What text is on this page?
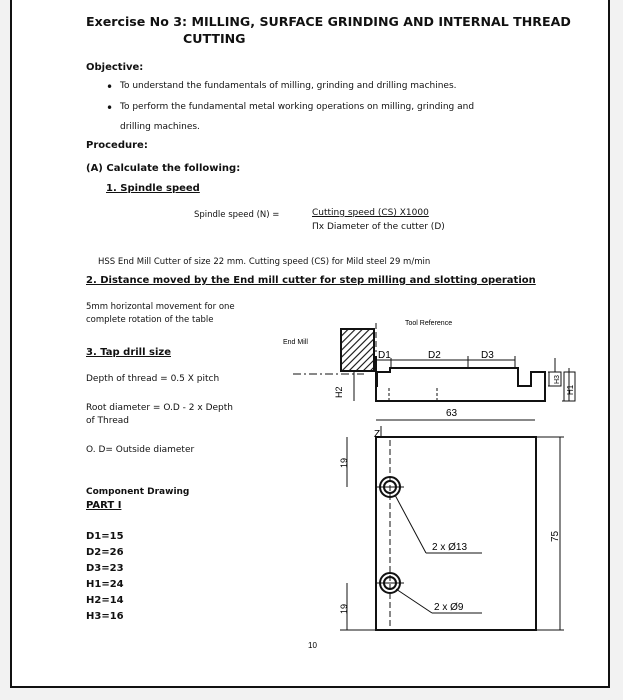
Exercise No 3: MILLING, SURFACE GRINDING AND INTERNAL THREAD
CUTTING
Objective:
• To understand the fundamentals of milling, grinding and drilling machines.
• To perform the fundamental metal working operations on milling, grinding and
drilling machines.
Procedure:
(A) Calculate the following:
1. Spindle speed
Spindle speed (N) =	Cutting speed (CS) X1000
Πx Diameter of the cutter (D)
HSS End Mill Cutter of size 22 mm. Cutting speed (CS) for Mild steel 29 m/min
2. Distance moved by the End mill cutter for step milling and slotting operation
5mm horizontal movement for one
complete rotation of the table
3. Tap drill size
Depth of thread = 0.5 X pitch
Root diameter = O.D - 2 x Depth
of Thread
O. D= Outside diameter
Component Drawing
PART I
D1=15
D2=26
D3=23
H1=24
H2=14
H3=16
Tool Reference
End Mill
D1	D2	D3
H2
H3
H1
63
Z
19
19
75
2 x Ø13
2 x Ø9
10
